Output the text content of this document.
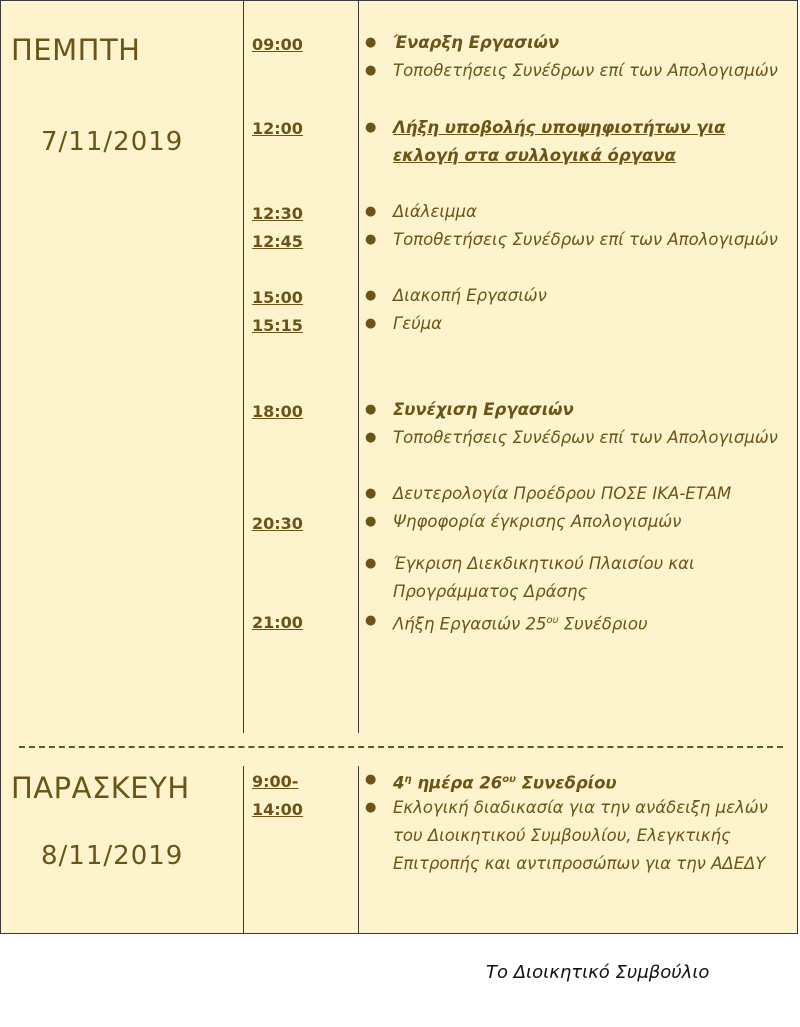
ΠΕΜΠΤΗ
7/11/2019
09:00
12:00
12:30
12:45
15:00
15:15
18:00
20:30
21:00
● Έναρξη Εργασιών
● Τοποθετήσεις Συνέδρων επί των Απολογισμών
● Λήξη υποβολής υποψηφιοτήτων για εκλογή στα συλλογικά όργανα
● Διάλειμμα
● Τοποθετήσεις Συνέδρων επί των Απολογισμών
● Διακοπή Εργασιών
● Γεύμα
● Συνέχιση Εργασιών
● Τοποθετήσεις Συνέδρων επί των Απολογισμών
● Δευτερολογία Προέδρου ΠΟΣΕ ΙΚΑ-ΕΤΑΜ
● Ψηφοφορία έγκρισης Απολογισμών
● Έγκριση Διεκδικητικού Πλαισίου και Προγράμματος Δράσης
● Λήξη Εργασιών $25^{o\upsilon}$ Συνέδριου
ΠΑΡΑΣΚΕΥΗ
8/11/2019
9:00-
14:00
● $4^\eta$ ημέρα $26^{o\upsilon}$ Συνεδρίου
● Εκλογική διαδικασία για την ανάδειξη μελών του Διοικητικού Συμβουλίου, Ελεγκτικής Επιτροπής και αντιπροσώπων για την ΑΔΕΔΥ
Το Διοικητικό Συμβούλιο
